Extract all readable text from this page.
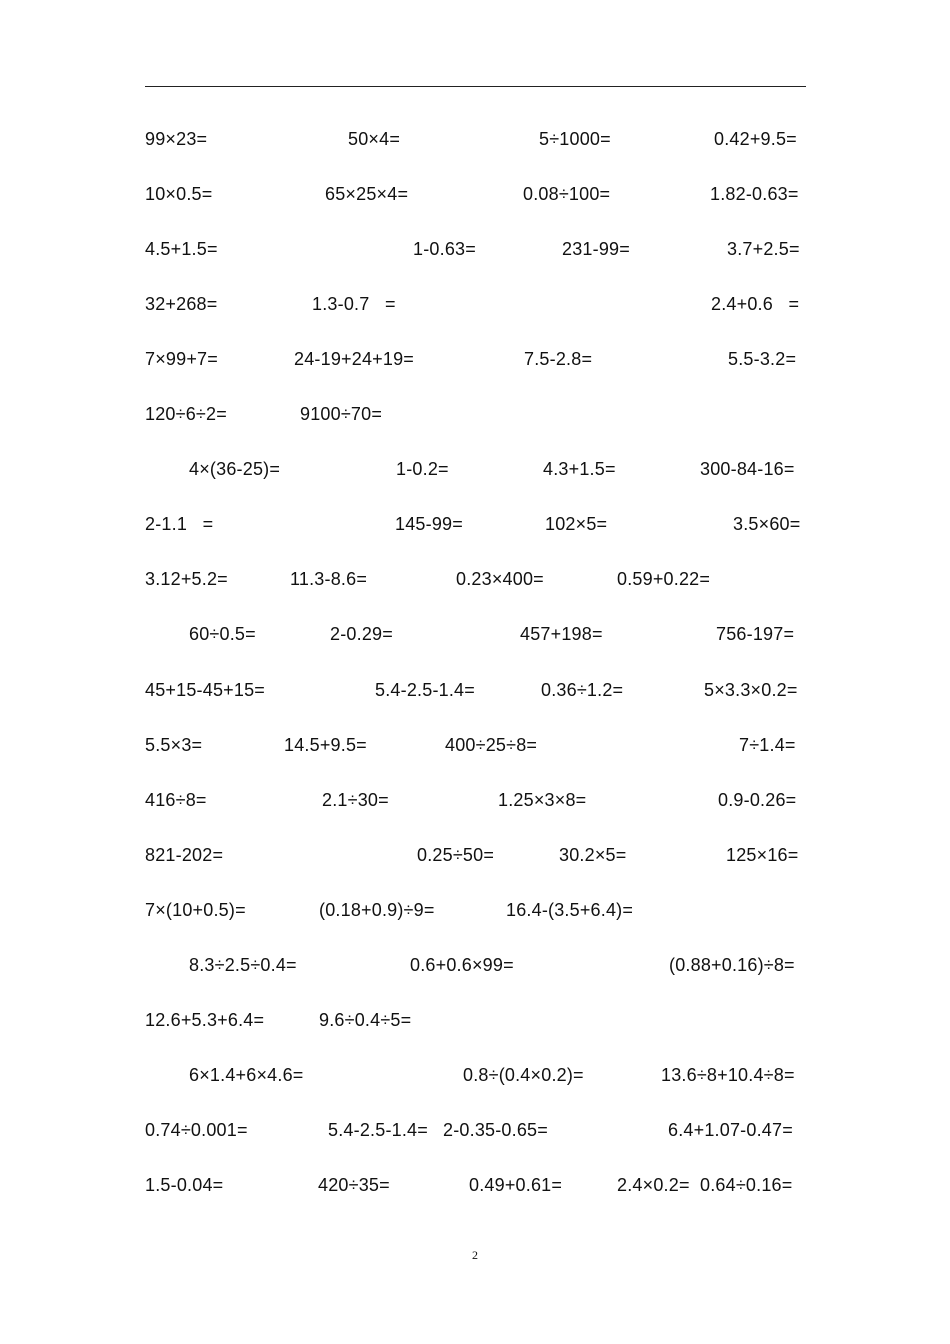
99×23=	50×4=	5÷1000=	0.42+9.5=
10×0.5=	65×25×4=	0.08÷100=	1.82-0.63=
4.5+1.5=	1-0.63=	231-99=	3.7+2.5=
32+268=	1.3-0.7   =	2.4+0.6   =
7×99+7=	24-19+24+19=	7.5-2.8=	5.5-3.2=
120÷6÷2=	9100÷70=
4×(36-25)=	1-0.2=	4.3+1.5=	300-84-16=
2-1.1   =	145-99=	102×5=	3.5×60=
3.12+5.2=	11.3-8.6=	0.23×400=	0.59+0.22=
60÷0.5=	2-0.29=	457+198=	756-197=
45+15-45+15=	5.4-2.5-1.4=	0.36÷1.2=	5×3.3×0.2=
5.5×3=	14.5+9.5=	400÷25÷8=	7÷1.4=
416÷8=	2.1÷30=	1.25×3×8=	0.9-0.26=
821-202=	0.25÷50=	30.2×5=	125×16=
7×(10+0.5)=	(0.18+0.9)÷9=	16.4-(3.5+6.4)=
8.3÷2.5÷0.4=	0.6+0.6×99=	(0.88+0.16)÷8=
12.6+5.3+6.4=	9.6÷0.4÷5=
6×1.4+6×4.6=	0.8÷(0.4×0.2)=	13.6÷8+10.4÷8=
0.74÷0.001=	5.4-2.5-1.4= 2-0.35-0.65=	6.4+1.07-0.47=
1.5-0.04=	420÷35=	0.49+0.61=	2.4×0.2= 0.64÷0.16=
2
